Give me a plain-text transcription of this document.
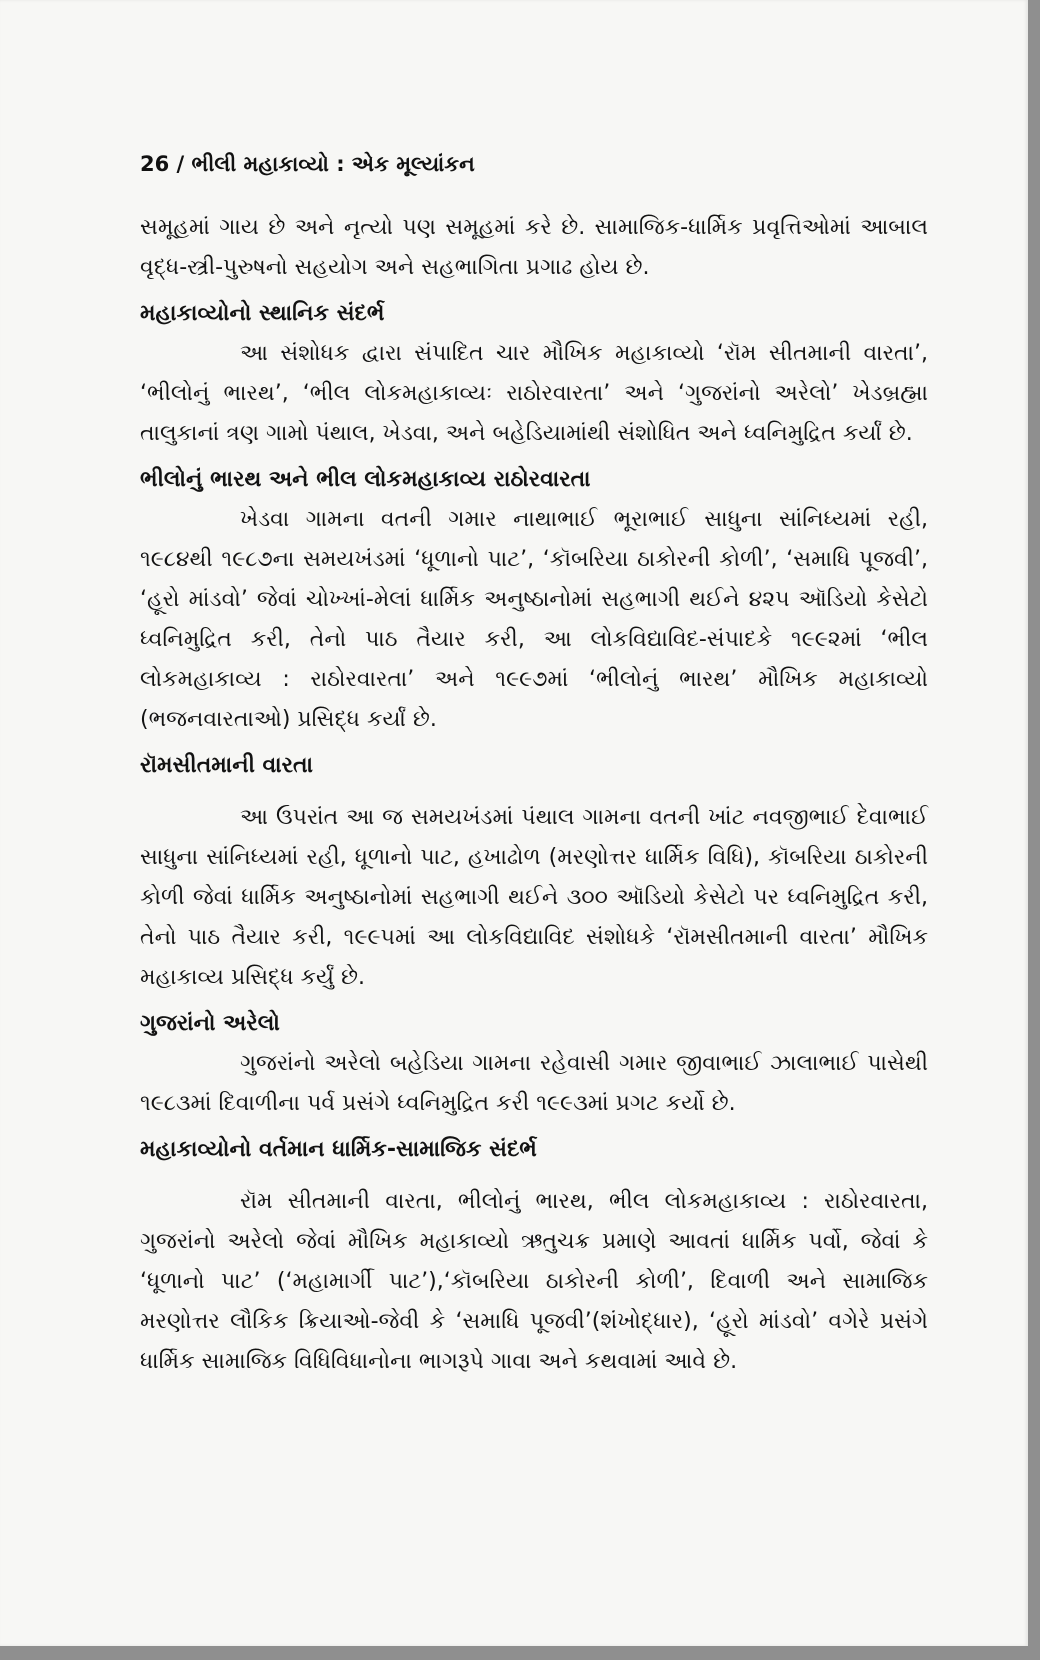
26 / ભીલી મહાકાવ્યો : એક મૂલ્યાંકન

સમૂહમાં ગાય છે અને નૃત્યો પણ સમૂહમાં કરે છે. સામાજિક-ધાર્મિક પ્રવૃત્તિઓમાં આબાલ વૃદ્ધ-સ્ત્રી-પુરુષનો સહયોગ અને સહભાગિતા પ્રગાઢ હોય છે.

મહાકાવ્યોનો સ્થાનિક સંદર્ભ

આ સંશોધક દ્વારા સંપાદિત ચાર મૌખિક મહાકાવ્યો ‘રૉમ સીતમાની વારતા’, ‘ભીલોનું ભારથ’, ‘ભીલ લોકમહાકાવ્યઃ રાઠોરવારતા’ અને ‘ગુજરાંનો અરેલો’ ખેડબ્રહ્મા તાલુકાનાં ત્રણ ગામો પંથાલ, ખેડવા, અને બહેડિયામાંથી સંશોધિત અને ધ્વનિમુદ્રિત કર્યાં છે.

ભીલોનું ભારથ અને ભીલ લોકમહાકાવ્ય રાઠોરવારતા

ખેડવા ગામના વતની ગમાર નાથાભાઈ ભૂરાભાઈ સાધુના સાંનિધ્યમાં રહી, ૧૯૮૪થી ૧૯૮૭ના સમયખંડમાં ‘ધૂળાનો પાટ’, ‘કૉબરિયા ઠાકોરની કોળી’, ‘સમાધિ પૂજવી’, ‘હૂરો માંડવો’ જેવાં ચોખ્ખાં-મેલાં ધાર્મિક અનુષ્ઠાનોમાં સહભાગી થઈને ૪૨૫ ઑડિયો કેસેટો ધ્વનિમુદ્રિત કરી, તેનો પાઠ તૈયાર કરી, આ લોકવિદ્યાવિદ-સંપાદકે ૧૯૯૨માં ‘ભીલ લોકમહાકાવ્ય : રાઠોરવારતા’ અને ૧૯૯૭માં ‘ભીલોનું ભારથ’ મૌખિક મહાકાવ્યો (ભજનવારતાઓ) પ્રસિદ્ધ કર્યાં છે.

રૉમસીતમાની વારતા

આ ઉપરાંત આ જ સમયખંડમાં પંથાલ ગામના વતની ખાંટ નવજીભાઈ દેવાભાઈ સાધુના સાંનિધ્યમાં રહી, ધૂળાનો પાટ, હખાઢોળ (મરણોત્તર ધાર્મિક વિધિ), કૉબરિયા ઠાકોરની કોળી જેવાં ધાર્મિક અનુષ્ઠાનોમાં સહભાગી થઈને ૩૦૦ ઑડિયો કેસેટો પર ધ્વનિમુદ્રિત કરી, તેનો પાઠ તૈયાર કરી, ૧૯૯૫માં આ લોકવિદ્યાવિદ સંશોધકે ‘રૉમસીતમાની વારતા’ મૌખિક મહાકાવ્ય પ્રસિદ્ધ કર્યું છે.

ગુજરાંનો અરેલો

ગુજરાંનો અરેલો બહેડિયા ગામના રહેવાસી ગમાર જીવાભાઈ ઝાલાભાઈ પાસેથી ૧૯૮૩માં દિવાળીના પર્વ પ્રસંગે ધ્વનિમુદ્રિત કરી ૧૯૯૩માં પ્રગટ કર્યો છે.

મહાકાવ્યોનો વર્તમાન ધાર્મિક-સામાજિક સંદર્ભ

રૉમ સીતમાની વારતા, ભીલોનું ભારથ, ભીલ લોકમહાકાવ્ય : રાઠોરવારતા, ગુજરાંનો અરેલો જેવાં મૌખિક મહાકાવ્યો ઋતુચક્ર પ્રમાણે આવતાં ધાર્મિક પર્વો, જેવાં કે ‘ધૂળાનો પાટ’ (‘મહામાર્ગી પાટ’),‘કૉબરિયા ઠાકોરની કોળી’, દિવાળી અને સામાજિક મરણોત્તર લૌકિક ક્રિયાઓ-જેવી કે ‘સમાધિ પૂજવી’(શંખોદ્ધાર), ‘હૂરો માંડવો’ વગેરે પ્રસંગે ધાર્મિક સામાજિક વિધિવિધાનોના ભાગરૂપે ગાવા અને કથવામાં આવે છે.
